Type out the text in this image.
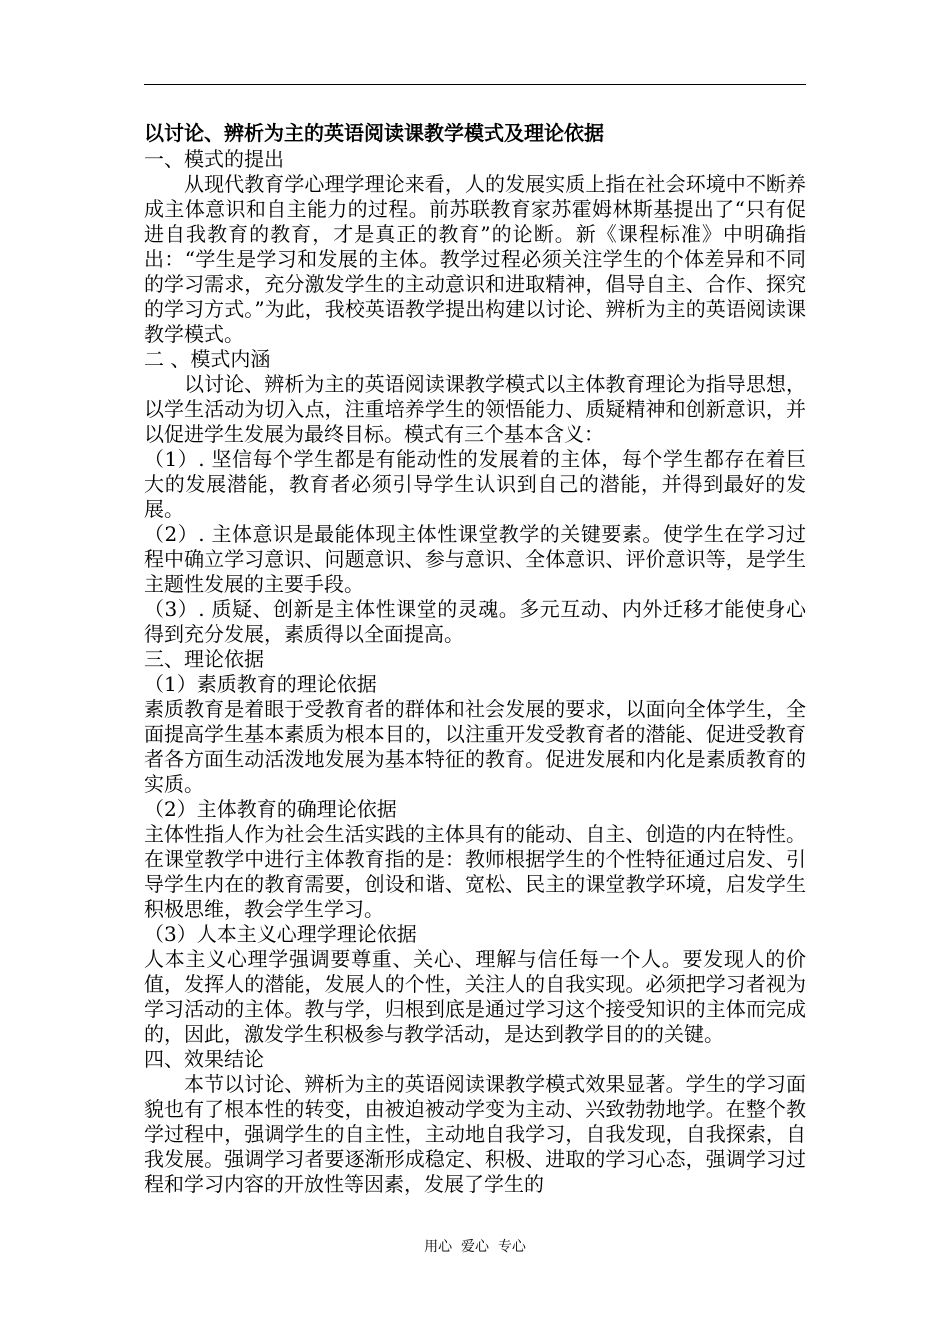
以讨论、辨析为主的英语阅读课教学模式及理论依据
一、模式的提出

从现代教育学心理学理论来看，人的发展实质上指在社会环境中不断养成主体意识和自主能力的过程。前苏联教育家苏霍姆林斯基提出了“只有促进自我教育的教育，才是真正的教育”的论断。新《课程标准》中明确指出：“学生是学习和发展的主体。教学过程必须关注学生的个体差异和不同的学习需求，充分激发学生的主动意识和进取精神，倡导自主、合作、探究的学习方式。”为此，我校英语教学提出构建以讨论、辨析为主的英语阅读课教学模式。

二 、模式内涵

以讨论、辨析为主的英语阅读课教学模式以主体教育理论为指导思想，以学生活动为切入点，注重培养学生的领悟能力、质疑精神和创新意识，并以促进学生发展为最终目标。模式有三个基本含义：

（1）. 坚信每个学生都是有能动性的发展着的主体，每个学生都存在着巨大的发展潜能，教育者必须引导学生认识到自己的潜能，并得到最好的发展。

（2）. 主体意识是最能体现主体性课堂教学的关键要素。使学生在学习过程中确立学习意识、问题意识、参与意识、全体意识、评价意识等，是学生主题性发展的主要手段。

（3）. 质疑、创新是主体性课堂的灵魂。多元互动、内外迁移才能使身心得到充分发展，素质得以全面提高。

三、理论依据
（1）素质教育的理论依据

素质教育是着眼于受教育者的群体和社会发展的要求，以面向全体学生，全面提高学生基本素质为根本目的，以注重开发受教育者的潜能、促进受教育者各方面生动活泼地发展为基本特征的教育。促进发展和内化是素质教育的实质。

（2）主体教育的确理论依据

主体性指人作为社会生活实践的主体具有的能动、自主、创造的内在特性。在课堂教学中进行主体教育指的是：教师根据学生的个性特征通过启发、引导学生内在的教育需要，创设和谐、宽松、民主的课堂教学环境，启发学生积极思维，教会学生学习。

（3）人本主义心理学理论依据

人本主义心理学强调要尊重、关心、理解与信任每一个人。要发现人的价值，发挥人的潜能，发展人的个性，关注人的自我实现。必须把学习者视为学习活动的主体。教与学，归根到底是通过学习这个接受知识的主体而完成的，因此，激发学生积极参与教学活动，是达到教学目的的关键。

四、效果结论

本节以讨论、辨析为主的英语阅读课教学模式效果显著。学生的学习面貌也有了根本性的转变，由被迫被动学变为主动、兴致勃勃地学。在整个教学过程中，强调学生的自主性，主动地自我学习，自我发现，自我探索，自我发展。强调学习者要逐渐形成稳定、积极、进取的学习心态，强调学习过程和学习内容的开放性等因素，发展了学生的

用心  爱心  专心
